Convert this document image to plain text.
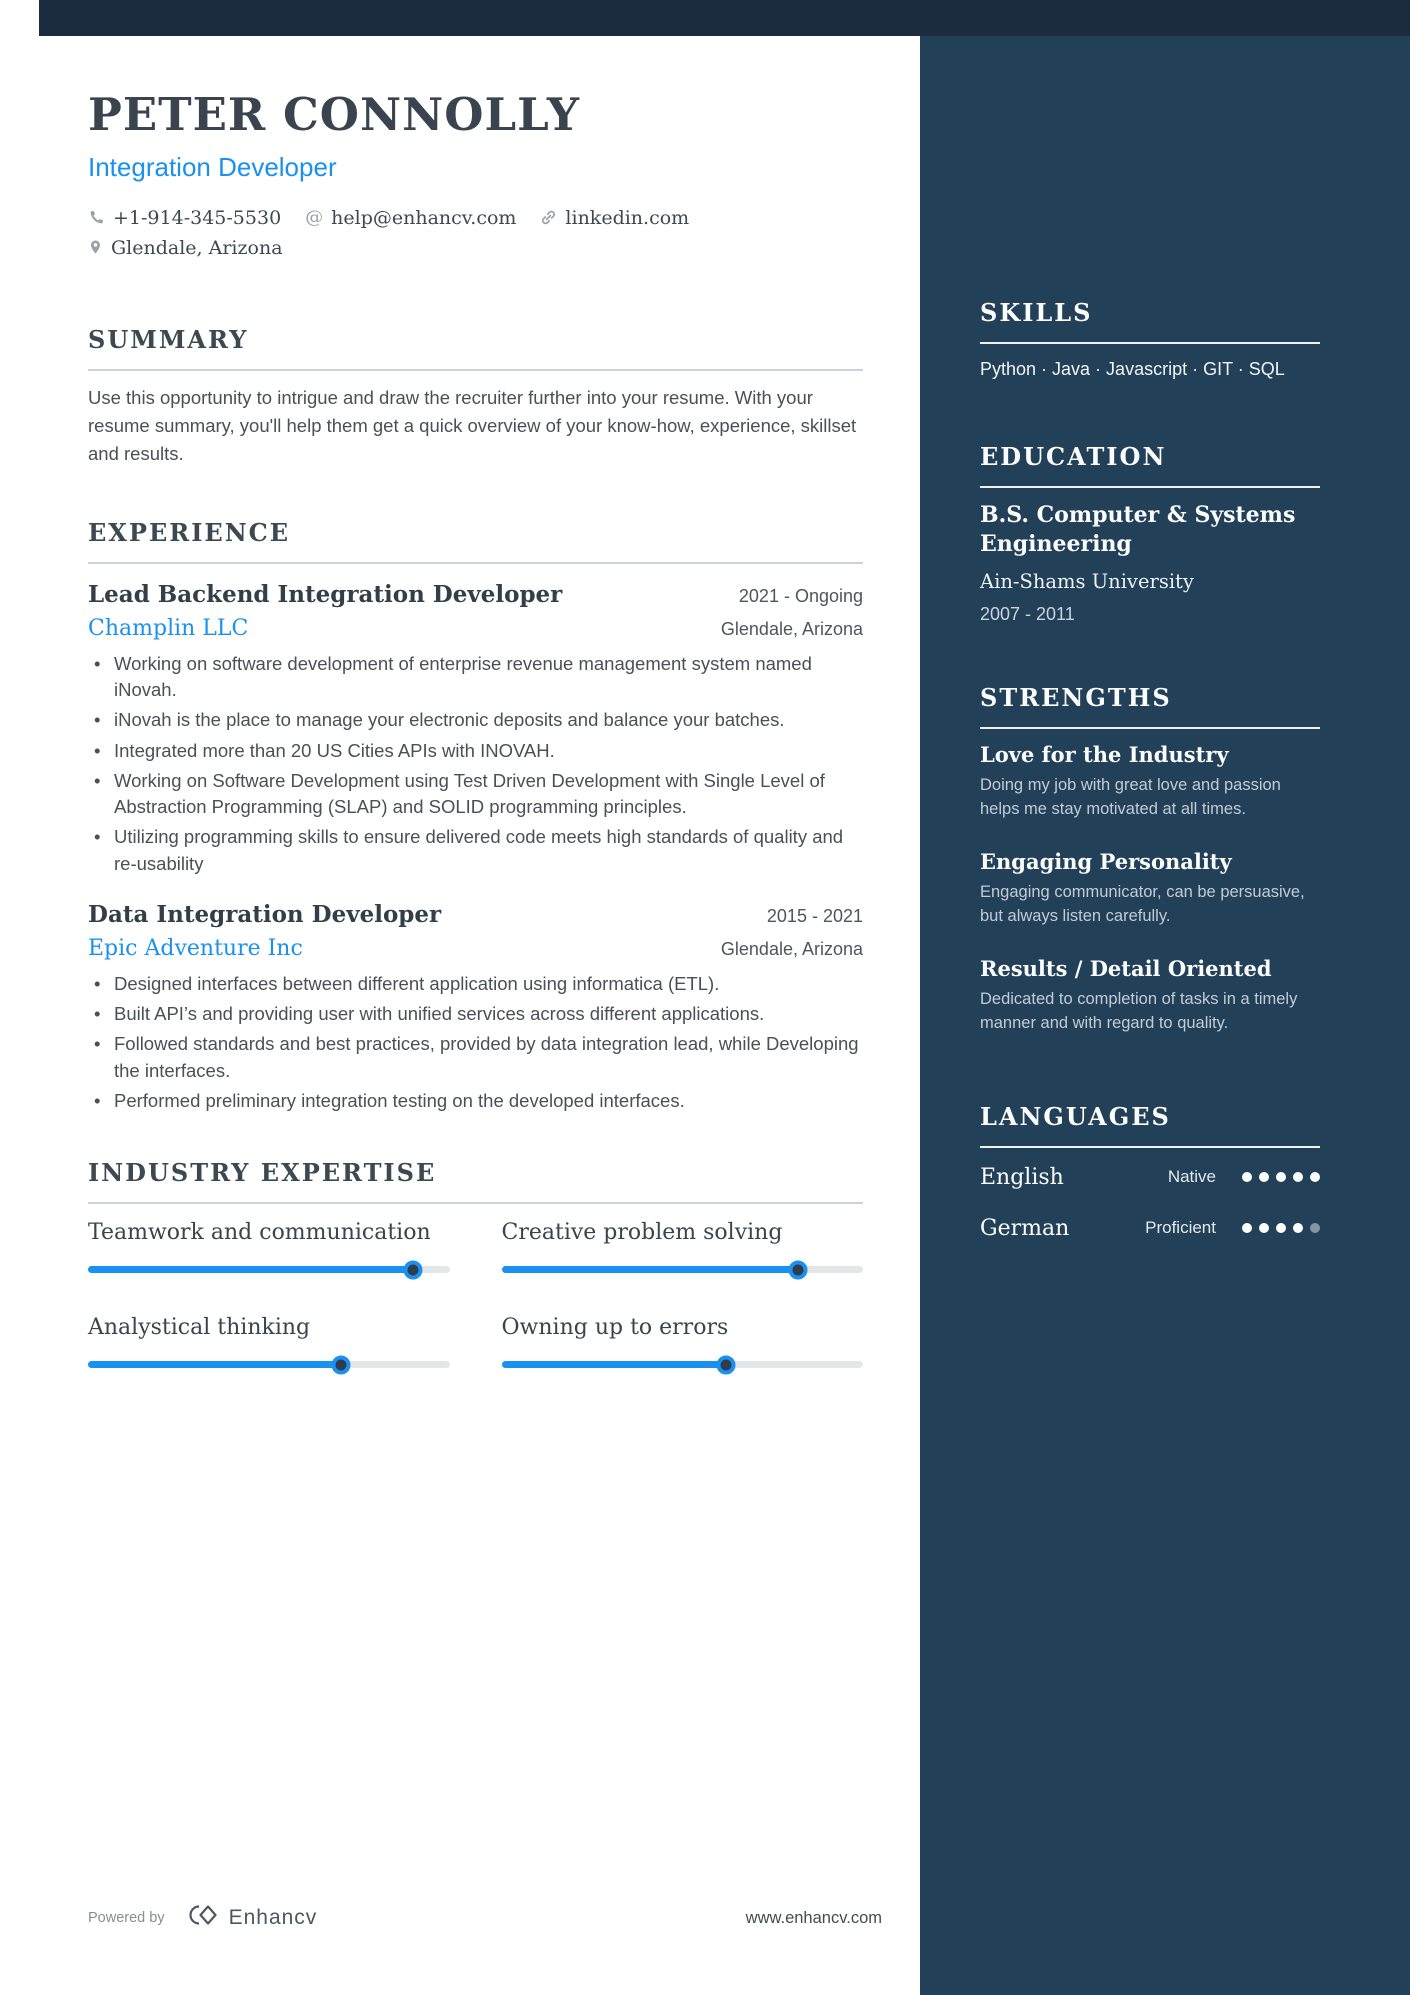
SKILLS

Python · Java · Javascript · GIT · SQL

EDUCATION
B.S. Computer & Systems Engineering
Ain-Shams University
2007 - 2011
STRENGTHS
Love for the Industry
Doing my job with great love and passion helps me stay motivated at all times.
Engaging Personality
Engaging communicator, can be persuasive, but always listen carefully.
Results / Detail Oriented
Dedicated to completion of tasks in a timely manner and with regard to quality.
LANGUAGES
English	Native
German	Proficient
PETER CONNOLLY
Integration Developer
+1-914-345-5530 @ help@enhancv.com	linkedin.com
Glendale, Arizona
SUMMARY

Use this opportunity to intrigue and draw the recruiter further into your resume. With your resume summary, you'll help them get a quick overview of your know-how, experience, skillset and results.

EXPERIENCE
Lead Backend Integration Developer	2021 - Ongoing
Champlin LLC	Glendale, Arizona
• Working on software development of enterprise revenue management system named iNovah.
• iNovah is the place to manage your electronic deposits and balance your batches.
• Integrated more than 20 US Cities APIs with INOVAH.
• Working on Software Development using Test Driven Development with Single Level of Abstraction Programming (SLAP) and SOLID programming principles.
• Utilizing programming skills to ensure delivered code meets high standards of quality and re-usability
Data Integration Developer	2015 - 2021
Epic Adventure Inc	Glendale, Arizona
• Designed interfaces between different application using informatica (ETL).
• Built API’s and providing user with unified services across different applications.
• Followed standards and best practices, provided by data integration lead, while Developing the interfaces.
• Performed preliminary integration testing on the developed interfaces.
INDUSTRY EXPERTISE
Teamwork and communication	Creative problem solving
Analystical thinking	Owning up to errors
Powered by	Enhancv	www.enhancv.com
